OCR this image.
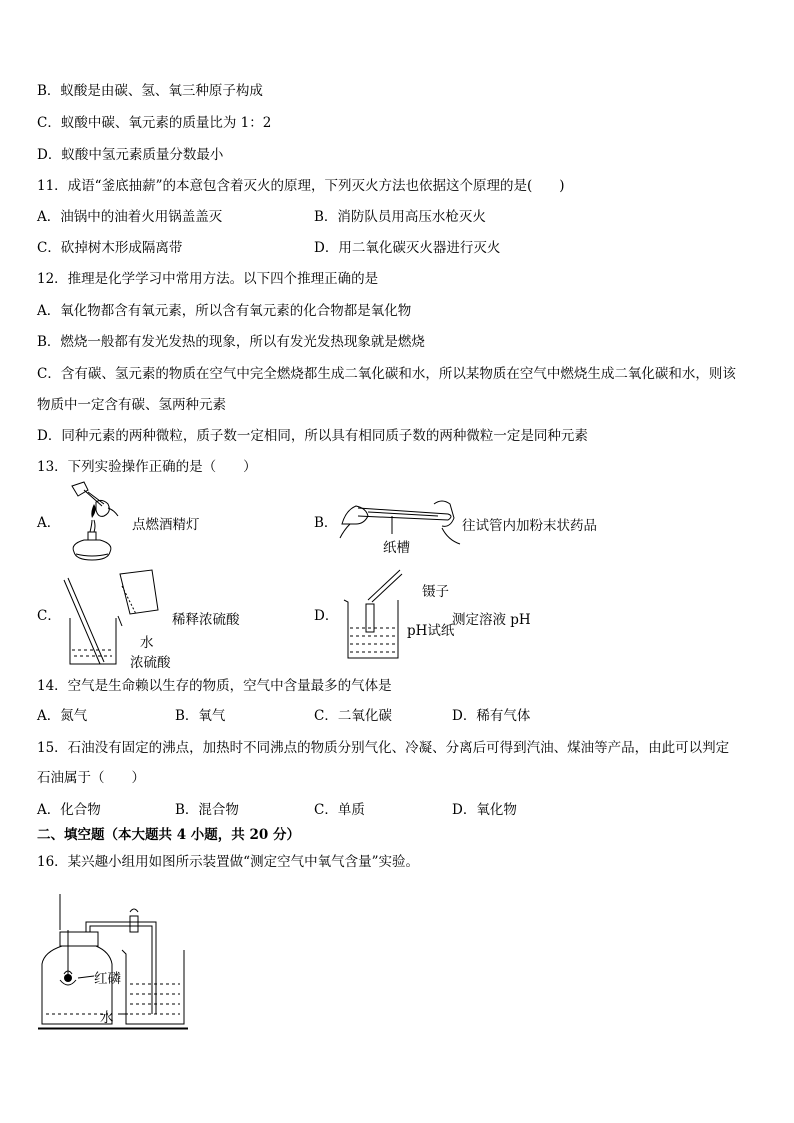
B．蚁酸是由碳、氢、氧三种原子构成
C．蚁酸中碳、氧元素的质量比为 1：2
D．蚁酸中氢元素质量分数最小
11．成语“釜底抽薪”的本意包含着灭火的原理，下列灭火方法也依据这个原理的是(　　)
A．油锅中的油着火用锅盖盖灭	B．消防队员用高压水枪灭火
C．砍掉树木形成隔离带	D．用二氧化碳灭火器进行灭火
12．推理是化学学习中常用方法。以下四个推理正确的是
A．氧化物都含有氧元素，所以含有氧元素的化合物都是氧化物
B．燃烧一般都有发光发热的现象，所以有发光发热现象就是燃烧
C．含有碳、氢元素的物质在空气中完全燃烧都生成二氧化碳和水，所以某物质在空气中燃烧生成二氧化碳和水，则该
物质中一定含有碳、氢两种元素
D．同种元素的两种微粒，质子数一定相同，所以具有相同质子数的两种微粒一定是同种元素
13．下列实验操作正确的是（　　）
A．	点燃酒精灯	B．
纸槽
往试管内加粉末状药品
C．
水
浓硫酸
稀释浓硫酸	D．
镊子
pH试纸
测定溶液 pH
14．空气是生命赖以生存的物质，空气中含量最多的气体是
A．氮气	B．氧气	C．二氧化碳	D．稀有气体
15．石油没有固定的沸点，加热时不同沸点的物质分别气化、冷凝、分离后可得到汽油、煤油等产品，由此可以判定
石油属于（　　）
A．化合物	B．混合物	C．单质	D．氧化物
二、填空题（本大题共 4 小题，共 20 分）
16．某兴趣小组用如图所示装置做“测定空气中氧气含量”实验。
红磷
水
